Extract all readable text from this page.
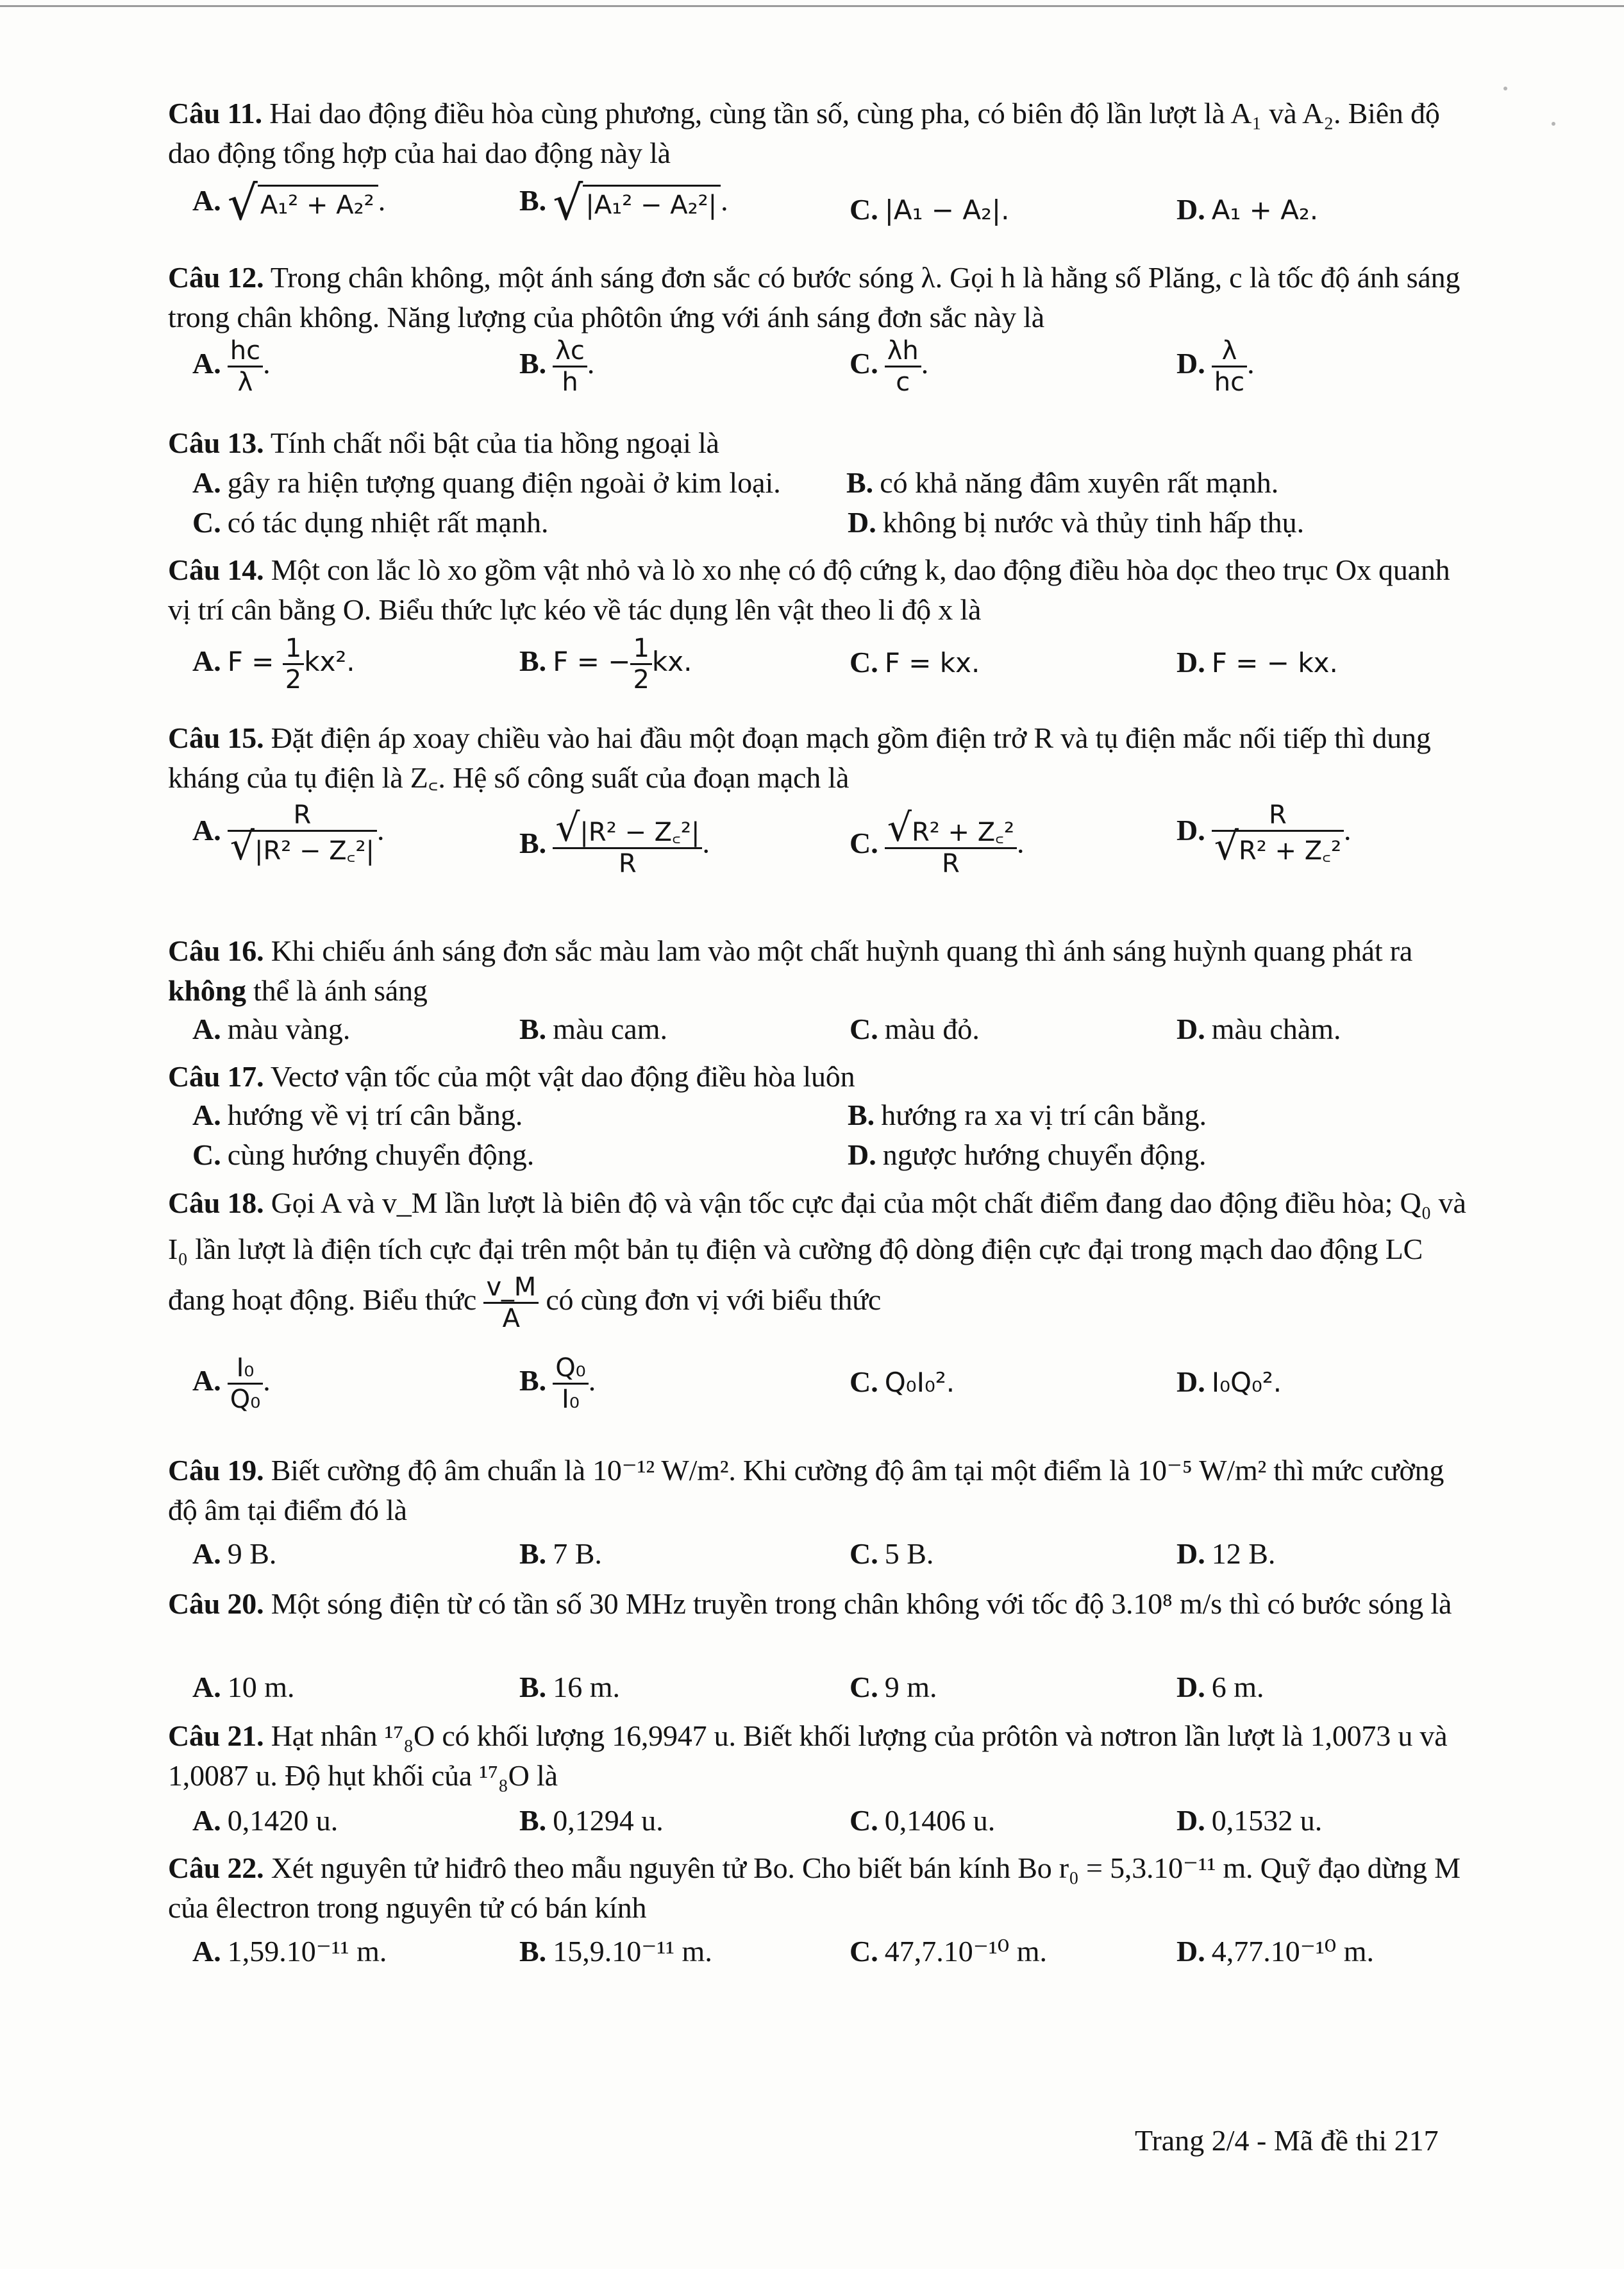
Câu 11. Hai dao động điều hòa cùng phương, cùng tần số, cùng pha, có biên độ lần lượt là A₁ và A₂. Biên độ dao động tổng hợp của hai dao động này là
A. √ A₁² + A₂² .	B. √ |A₁² − A₂²| .	C. |A₁ − A₂|.	D. A₁ + A₂.
Câu 12. Trong chân không, một ánh sáng đơn sắc có bước sóng λ. Gọi h là hằng số Plăng, c là tốc độ ánh sáng trong chân không. Năng lượng của phôtôn ứng với ánh sáng đơn sắc này là
A. $\frac{hc}{\lambda}$ .	B. $\frac{\lambda c}{h}$ .	C. $\frac{\lambda h}{c}$ .	D. $\frac{\lambda}{hc}$ .
Câu 13. Tính chất nổi bật của tia hồng ngoại là
A. gây ra hiện tượng quang điện ngoài ở kim loại. B. có khả năng đâm xuyên rất mạnh.
C. có tác dụng nhiệt rất mạnh.	D. không bị nước và thủy tinh hấp thụ.
Câu 14. Một con lắc lò xo gồm vật nhỏ và lò xo nhẹ có độ cứng k, dao động điều hòa dọc theo trục Ox quanh vị trí cân bằng O. Biểu thức lực kéo về tác dụng lên vật theo li độ x là
A. $F = \frac{1}{2} kx^2$.	B. F = − $\frac{1}{2}$ kx.	C. F = kx.	D. F = − kx.
Câu 15. Đặt điện áp xoay chiều vào hai đầu một đoạn mạch gồm điện trở R và tụ điện mắc nối tiếp thì dung kháng của tụ điện là Z꜀. Hệ số công suất của đoạn mạch là
A. $\frac{R}{\text{√|R² − Z꜀²|}}$ .	B. $\frac{\text{√|R² − Z꜀²|}}{R}$ .	C. $\frac{\text{√R² + Z꜀²}}{R}$ .	D. $\frac{R}{\text{√R² + Z꜀²}}$ .
Câu 16. Khi chiếu ánh sáng đơn sắc màu lam vào một chất huỳnh quang thì ánh sáng huỳnh quang phát ra không thể là ánh sáng
A. màu vàng.	B. màu cam.	C. màu đỏ.	D. màu chàm.
Câu 17. Vectơ vận tốc của một vật dao động điều hòa luôn
A. hướng về vị trí cân bằng.	B. hướng ra xa vị trí cân bằng.
C. cùng hướng chuyển động.	D. ngược hướng chuyển động.
Câu 18. Gọi A và v_M lần lượt là biên độ và vận tốc cực đại của một chất điểm đang dao động điều hòa; Q₀ và I₀ lần lượt là điện tích cực đại trên một bản tụ điện và cường độ dòng điện cực đại trong mạch dao động LC đang hoạt động. Biểu thức $\frac{v\_M}{A}$ có cùng đơn vị với biểu thức
A. $\frac{\text{I₀}}{\text{Q₀}}$ .	B. $\frac{\text{Q₀}}{\text{I₀}}$ .	C. Q₀I₀².	D. I₀Q₀².
Câu 19. Biết cường độ âm chuẩn là 10⁻¹² W/m². Khi cường độ âm tại một điểm là 10⁻⁵ W/m² thì mức cường độ âm tại điểm đó là
A. 9 B.	B. 7 B.	C. 5 B.	D. 12 B.
Câu 20. Một sóng điện từ có tần số 30 MHz truyền trong chân không với tốc độ 3.10⁸ m/s thì có bước sóng là
A. 10 m.	B. 16 m.	C. 9 m.	D. 6 m.
Câu 21. Hạt nhân ¹⁷₈O có khối lượng 16,9947 u. Biết khối lượng của prôtôn và nơtron lần lượt là 1,0073 u và 1,0087 u. Độ hụt khối của ¹⁷₈O là
A. 0,1420 u.	B. 0,1294 u.	C. 0,1406 u.	D. 0,1532 u.
Câu 22. Xét nguyên tử hiđrô theo mẫu nguyên tử Bo. Cho biết bán kính Bo r₀ = 5,3.10⁻¹¹ m. Quỹ đạo dừng M của êlectron trong nguyên tử có bán kính
A. 1,59.10⁻¹¹ m.	B. 15,9.10⁻¹¹ m.	C. 47,7.10⁻¹⁰ m.	D. 4,77.10⁻¹⁰ m.
Trang 2/4 - Mã đề thi 217
